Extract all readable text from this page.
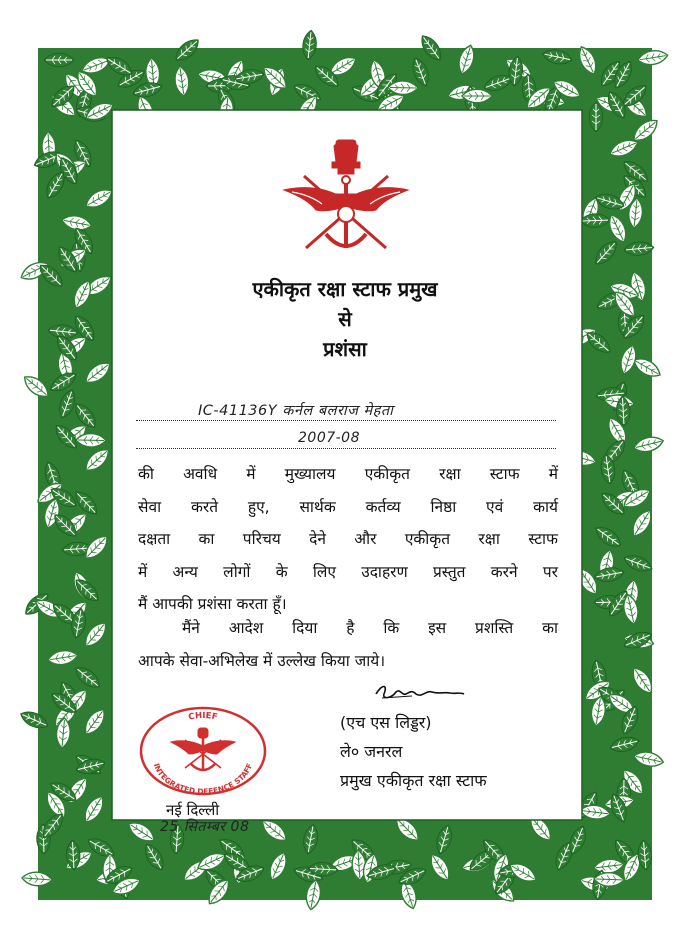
एकीकृत रक्षा स्टाफ प्रमुख
से
प्रशंसा
IC-41136Y कर्नल बलराज मेहता
2007-08
की अवधि में मुख्यालय एकीकृत रक्षा स्टाफ में
सेवा करते हुए, सार्थक कर्तव्य निष्ठा एवं कार्य
दक्षता का परिचय देने और एकीकृत रक्षा स्टाफ
में अन्य लोगों के लिए उदाहरण प्रस्तुत करने पर
मैं आपकी प्रशंसा करता हूँ।
मैंने आदेश दिया है कि इस प्रशस्ति का
आपके सेवा-अभिलेख में उल्लेख किया जाये।
(एच एस लिड्डर)
ले० जनरल
प्रमुख एकीकृत रक्षा स्टाफ
CHIEF
INTEGRATED DEFENCE STAFF
नई दिल्ली
25 सितम्बर 08
